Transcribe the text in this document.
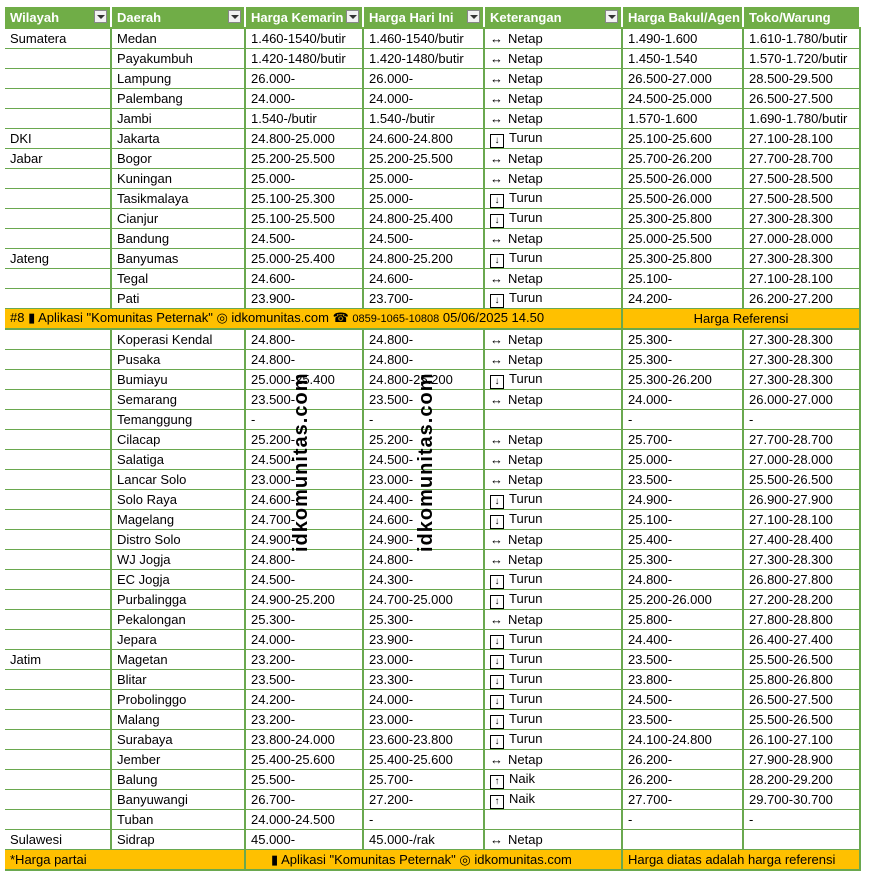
Wilayah	Daerah	Harga Kemarin	Harga Hari Ini	Keterangan	Harga Bakul/Agen	Toko/Warung
Sumatera	Medan	1.460-1540/butir	1.460-1540/butir	↔ Netap	1.490-1.600	1.610-1.780/butir
	Payakumbuh	1.420-1480/butir	1.420-1480/butir	↔ Netap	1.450-1.540	1.570-1.720/butir
	Lampung	26.000-	26.000-	↔ Netap	26.500-27.000	28.500-29.500
	Palembang	24.000-	24.000-	↔ Netap	24.500-25.000	26.500-27.500
	Jambi	1.540-/butir	1.540-/butir	↔ Netap	1.570-1.600	1.690-1.780/butir
DKI	Jakarta	24.800-25.000	24.600-24.800	↓ Turun	25.100-25.600	27.100-28.100
Jabar	Bogor	25.200-25.500	25.200-25.500	↔ Netap	25.700-26.200	27.700-28.700
	Kuningan	25.000-	25.000-	↔ Netap	25.500-26.000	27.500-28.500
	Tasikmalaya	25.100-25.300	25.000-	↓ Turun	25.500-26.000	27.500-28.500
	Cianjur	25.100-25.500	24.800-25.400	↓ Turun	25.300-25.800	27.300-28.300
	Bandung	24.500-	24.500-	↔ Netap	25.000-25.500	27.000-28.000
Jateng	Banyumas	25.000-25.400	24.800-25.200	↓ Turun	25.300-25.800	27.300-28.300
	Tegal	24.600-	24.600-	↔ Netap	25.100-	27.100-28.100
	Pati	23.900-	23.700-	↓ Turun	24.200-	26.200-27.200
#8 ▮ Aplikasi "Komunitas Peternak" ◎ idkomunitas.com ☎ 0859-1065-10808 05/06/2025 14.50					Harga Referensi	
	Koperasi Kendal	24.800-	24.800-	↔ Netap	25.300-	27.300-28.300
	Pusaka	24.800-	24.800-	↔ Netap	25.300-	27.300-28.300
	Bumiayu	25.000-25.400	24.800-25.200	↓ Turun	25.300-26.200	27.300-28.300
	Semarang	23.500-	23.500-	↔ Netap	24.000-	26.000-27.000
	Temanggung	-	-		-	-
	Cilacap	25.200-	25.200-	↔ Netap	25.700-	27.700-28.700
	Salatiga	24.500-	24.500-	↔ Netap	25.000-	27.000-28.000
	Lancar Solo	23.000-	23.000-	↔ Netap	23.500-	25.500-26.500
	Solo Raya	24.600-	24.400-	↓ Turun	24.900-	26.900-27.900
	Magelang	24.700-	24.600-	↓ Turun	25.100-	27.100-28.100
	Distro Solo	24.900-	24.900-	↔ Netap	25.400-	27.400-28.400
	WJ Jogja	24.800-	24.800-	↔ Netap	25.300-	27.300-28.300
	EC Jogja	24.500-	24.300-	↓ Turun	24.800-	26.800-27.800
	Purbalingga	24.900-25.200	24.700-25.000	↓ Turun	25.200-26.000	27.200-28.200
	Pekalongan	25.300-	25.300-	↔ Netap	25.800-	27.800-28.800
	Jepara	24.000-	23.900-	↓ Turun	24.400-	26.400-27.400
Jatim	Magetan	23.200-	23.000-	↓ Turun	23.500-	25.500-26.500
	Blitar	23.500-	23.300-	↓ Turun	23.800-	25.800-26.800
	Probolinggo	24.200-	24.000-	↓ Turun	24.500-	26.500-27.500
	Malang	23.200-	23.000-	↓ Turun	23.500-	25.500-26.500
	Surabaya	23.800-24.000	23.600-23.800	↓ Turun	24.100-24.800	26.100-27.100
	Jember	25.400-25.600	25.400-25.600	↔ Netap	26.200-	27.900-28.900
	Balung	25.500-	25.700-	↑ Naik	26.200-	28.200-29.200
	Banyuwangi	26.700-	27.200-	↑ Naik	27.700-	29.700-30.700
	Tuban	24.000-24.500	-		-	-
Sulawesi	Sidrap	45.000-	45.000-/rak	↔ Netap		
*Harga partai		▮ Aplikasi "Komunitas Peternak" ◎ idkomunitas.com			Harga diatas adalah harga referensi	
idkomunitas.com	idkomunitas.com
